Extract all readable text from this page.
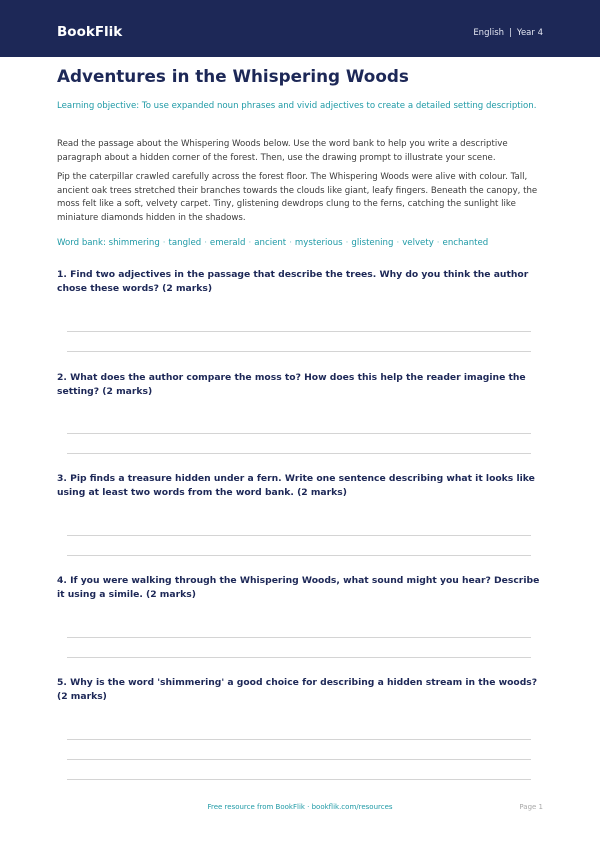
BookFlik	English | Year 4
Adventures in the Whispering Woods

Learning objective: To use expanded noun phrases and vivid adjectives to create a detailed setting description.

Read the passage about the Whispering Woods below. Use the word bank to help you write a descriptive paragraph about a hidden corner of the forest. Then, use the drawing prompt to illustrate your scene.

Pip the caterpillar crawled carefully across the forest floor. The Whispering Woods were alive with colour. Tall, ancient oak trees stretched their branches towards the clouds like giant, leafy fingers. Beneath the canopy, the moss felt like a soft, velvety carpet. Tiny, glistening dewdrops clung to the ferns, catching the sunlight like miniature diamonds hidden in the shadows.

Word bank: shimmering · tangled · emerald · ancient · mysterious · glistening · velvety · enchanted

1. Find two adjectives in the passage that describe the trees. Why do you think the author chose these words? (2 marks)

2. What does the author compare the moss to? How does this help the reader imagine the setting? (2 marks)

3. Pip finds a treasure hidden under a fern. Write one sentence describing what it looks like using at least two words from the word bank. (2 marks)

4. If you were walking through the Whispering Woods, what sound might you hear? Describe it using a simile. (2 marks)

5. Why is the word 'shimmering' a good choice for describing a hidden stream in the woods? (2 marks)

Free resource from BookFlik · bookflik.com/resources	Page 1
